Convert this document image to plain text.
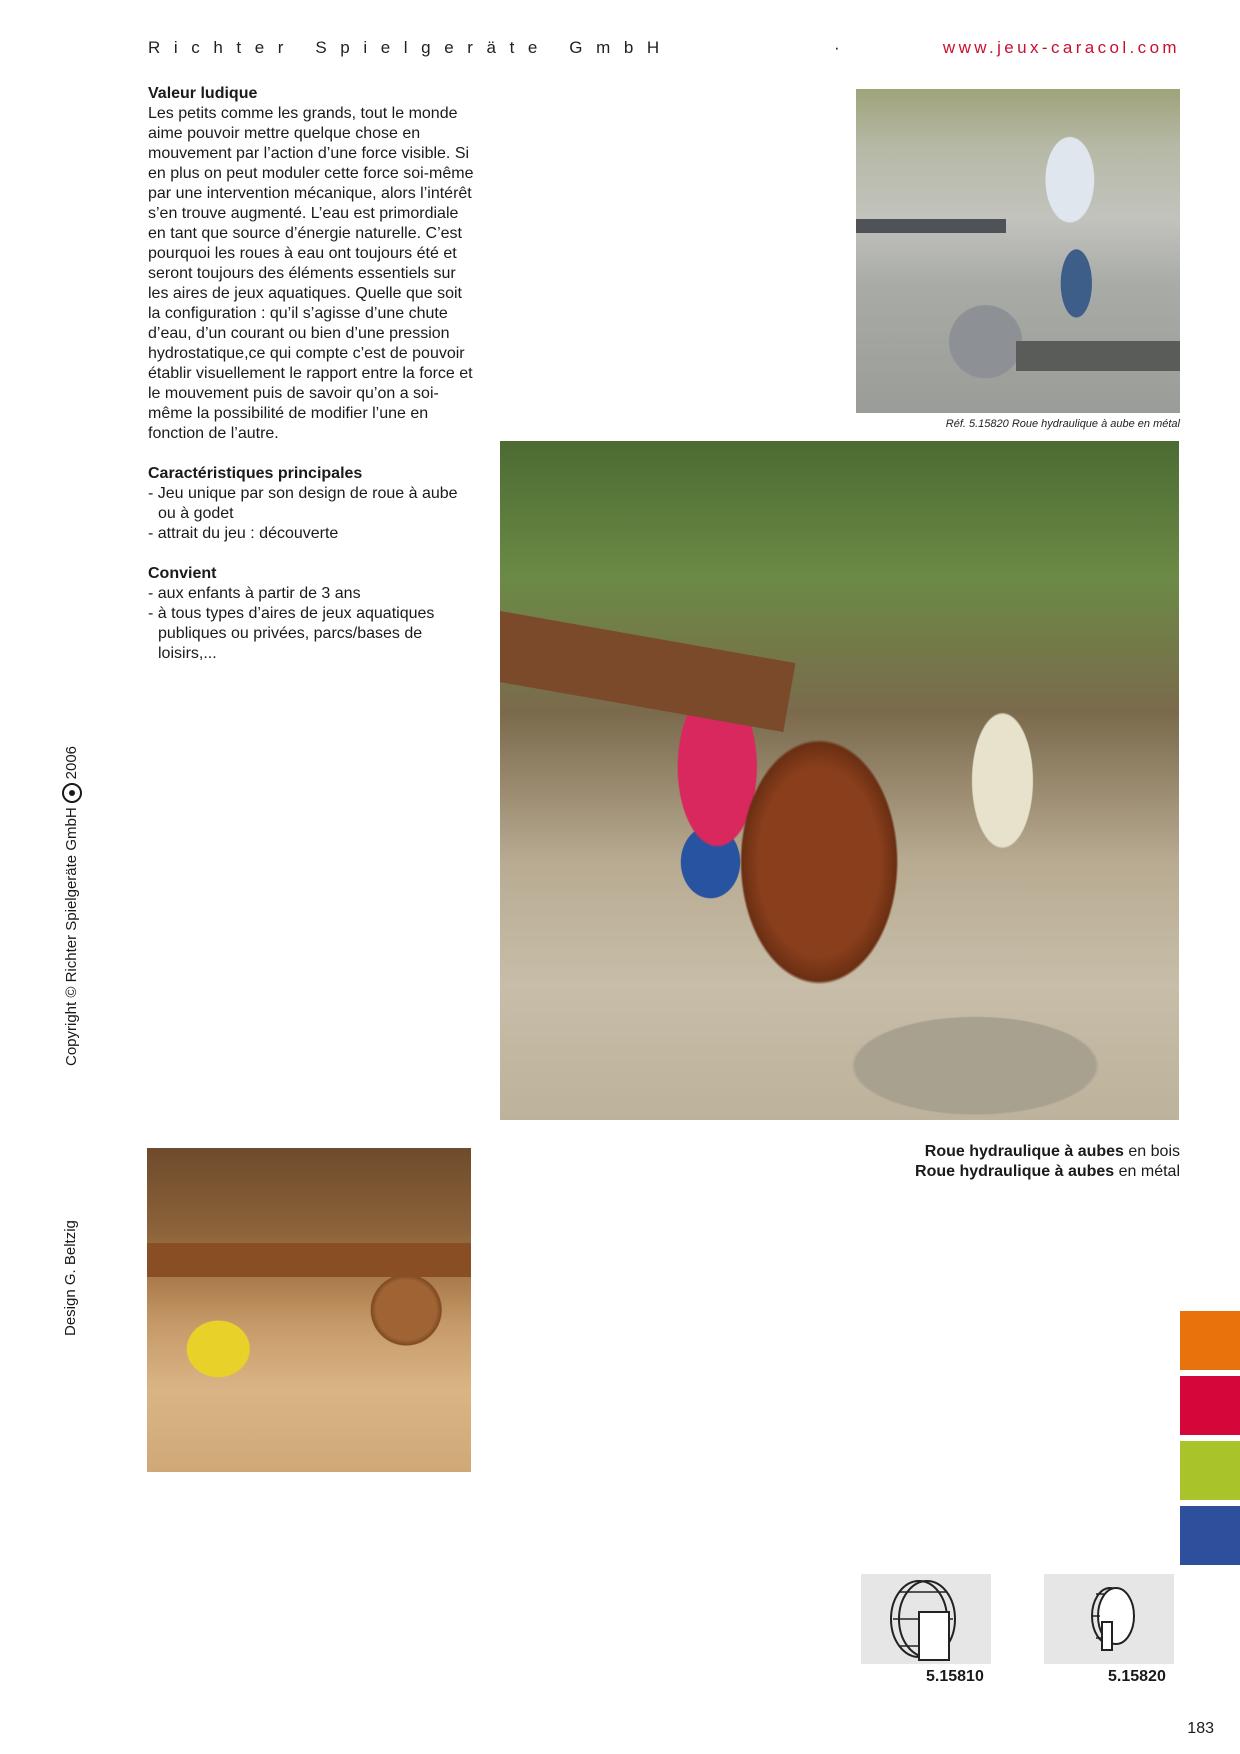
Richter Spielgeräte GmbH	·	www.jeux-caracol.com
Valeur ludique

Les petits comme les grands, tout le monde aime pouvoir mettre quelque chose en mouvement par l’action d’une force visible. Si en plus on peut moduler cette force soi-même par une intervention mécanique, alors l’intérêt s’en trouve augmenté. L’eau est primordiale en tant que source d’énergie naturelle. C’est pourquoi les roues à eau ont toujours été et seront toujours des éléments essentiels sur les aires de jeux aquatiques. Quelle que soit la configuration : qu’il s’agisse d’une chute d’eau, d’un courant ou bien d’une pression hydrostatique,ce qui compte c’est de pouvoir établir visuellement le rapport entre la force et le mouvement puis de savoir qu’on a soi-même la possibilité de modifier l’une en fonction de l’autre.

Caractéristiques principales
- Jeu unique par son design de roue à aube ou à godet
- attrait du jeu : découverte
Convient
- aux enfants à partir de 3 ans
- à tous types d’aires de jeux aquatiques publiques ou privées, parcs/bases de loisirs,...
Copyright © Richter Spielgeräte GmbH2006
Design G. Beltzig
Réf. 5.15820 Roue hydraulique à aube en métal
Roue hydraulique à aubes en bois
Roue hydraulique à aubes en métal
5.15810	5.15820
183
